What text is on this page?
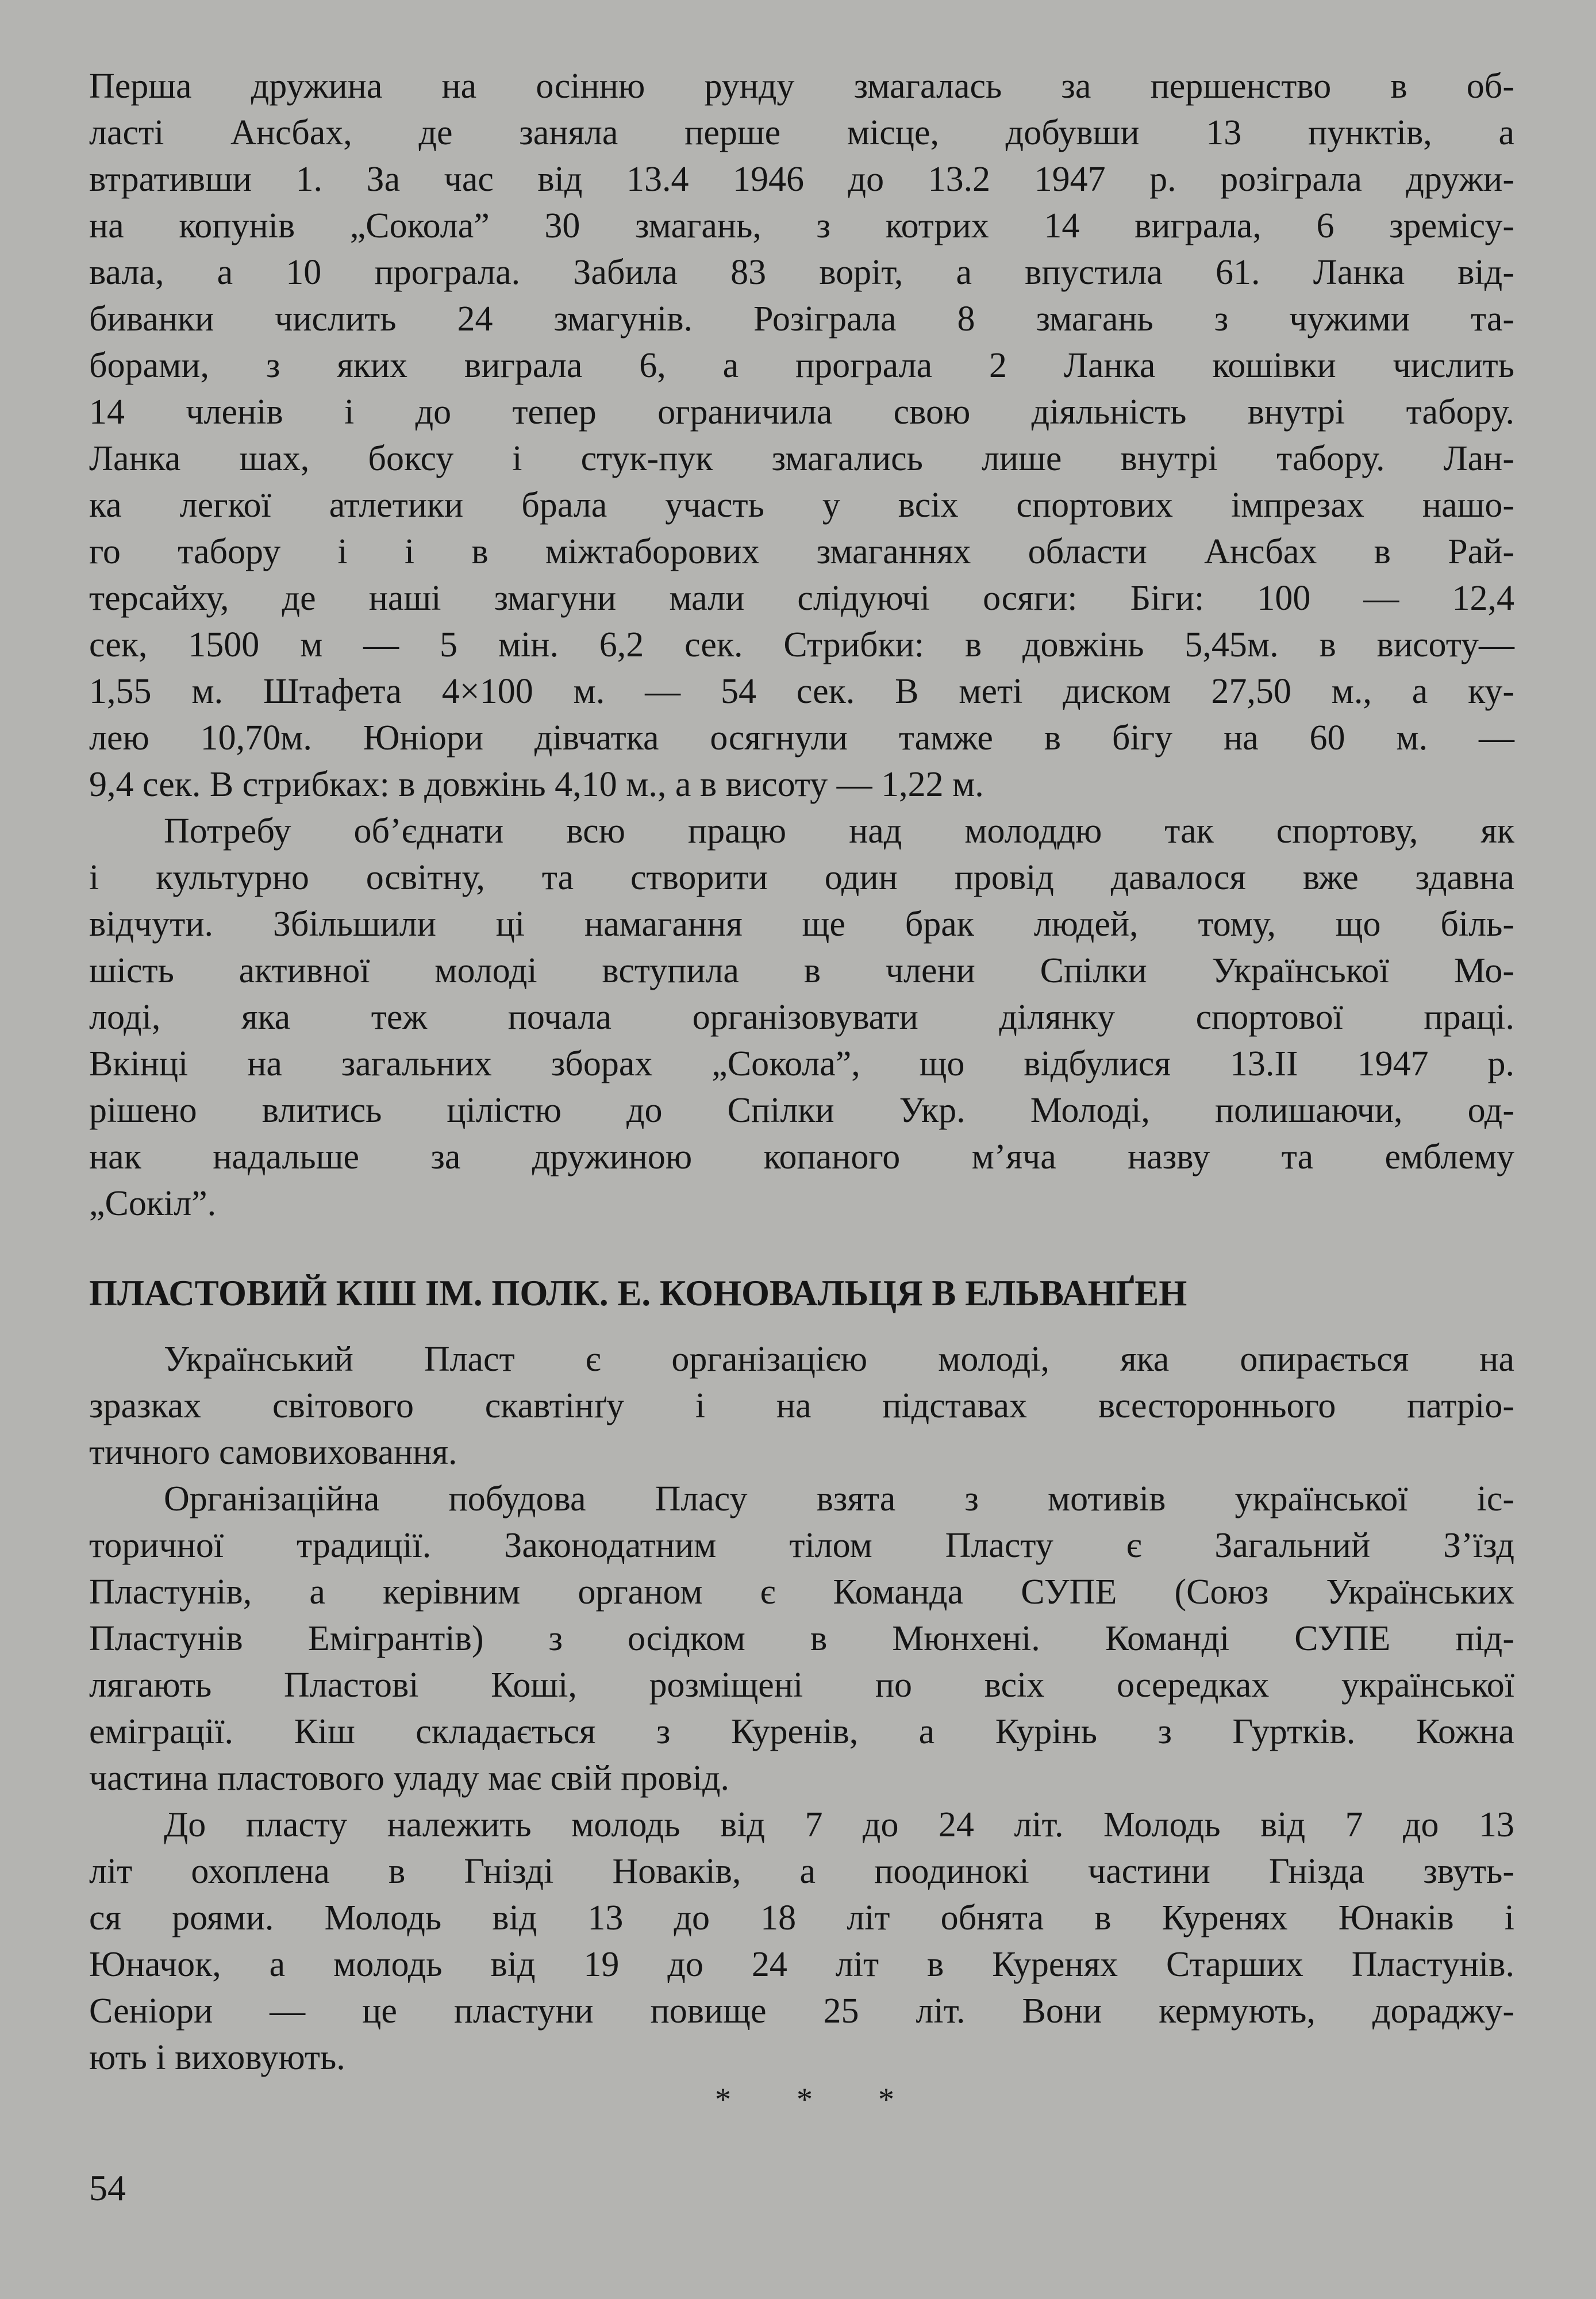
Перша дружина на осінню рунду змагалась за першенство в об-
ласті Ансбах, де заняла перше місце, добувши 13 пунктів, а
втративши 1. За час від 13.4 1946 до 13.2 1947 р. розіграла дружи-
на копунів „Сокола” 30 змагань, з котрих 14 виграла, 6 зремісу-
вала, а 10 програла. Забила 83 воріт, а впустила 61. Ланка від-
биванки числить 24 змагунів. Розіграла 8 змагань з чужими та-
борами, з яких виграла 6, а програла 2 Ланка кошівки числить
14 членів і до тепер ограничила свою діяльність внутрі табору.
Ланка шах, боксу і стук-пук змагались лише внутрі табору. Лан-
ка легкої атлетики брала участь у всіх спортових імпрезах нашо-
го табору і і в міжтаборових змаганнях области Ансбах в Рай-
терсайху, де наші змагуни мали слідуючі осяги: Біги: 100 — 12,4
сек, 1500 м — 5 мін. 6,2 сек. Стрибки: в довжінь 5,45м. в висоту—
1,55 м. Штафета 4×100 м. — 54 сек. В меті диском 27,50 м., а ку-
лею 10,70м. Юніори дівчатка осягнули тамже в бігу на 60 м. —
9,4 сек. В стрибках: в довжінь 4,10 м., а в висоту — 1,22 м.

Потребу об’єднати всю працю над молоддю так спортову, як
і культурно освітну, та створити один провід давалося вже здавна
відчути. Збільшили ці намагання ще брак людей, тому, що біль-
шість активної молоді вступила в члени Спілки Української Мо-
лоді, яка теж почала організовувати ділянку спортової праці.
Вкінці на загальних зборах „Сокола”, що відбулися 13.II 1947 р.
рішено влитись цілістю до Спілки Укр. Молоді, полишаючи, од-
нак надальше за дружиною копаного м’яча назву та емблему
„Сокіл”.

ПЛАСТОВИЙ КІШ ІМ. ПОЛК. Е. КОНОВАЛЬЦЯ В ЕЛЬВАНҐЕН

Український Пласт є організацією молоді, яка опирається на
зразках світового скавтінґу і на підставах всестороннього патріо-
тичного самовиховання.

Організаційна побудова Пласу взята з мотивів української іс-
торичної традиції. Законодатним тілом Пласту є Загальний З’їзд
Пластунів, а керівним органом є Команда СУПЕ (Союз Українських
Пластунів Емігрантів) з осідком в Мюнхені. Команді СУПЕ під-
лягають Пластові Коші, розміщені по всіх осередках української
еміграції. Кіш складається з Куренів, а Курінь з Гуртків. Кожна
частина пластового уладу має свій провід.

До пласту належить молодь від 7 до 24 літ. Молодь від 7 до 13
літ охоплена в Гнізді Новаків, а поодинокі частини Гнізда звуть-
ся роями. Молодь від 13 до 18 літ обнята в Куренях Юнаків і
Юначок, а молодь від 19 до 24 літ в Куренях Старших Пластунів.
Сеніори — це пластуни повище 25 літ. Вони кермують, дораджу-
ють і виховують.

* * *
54
